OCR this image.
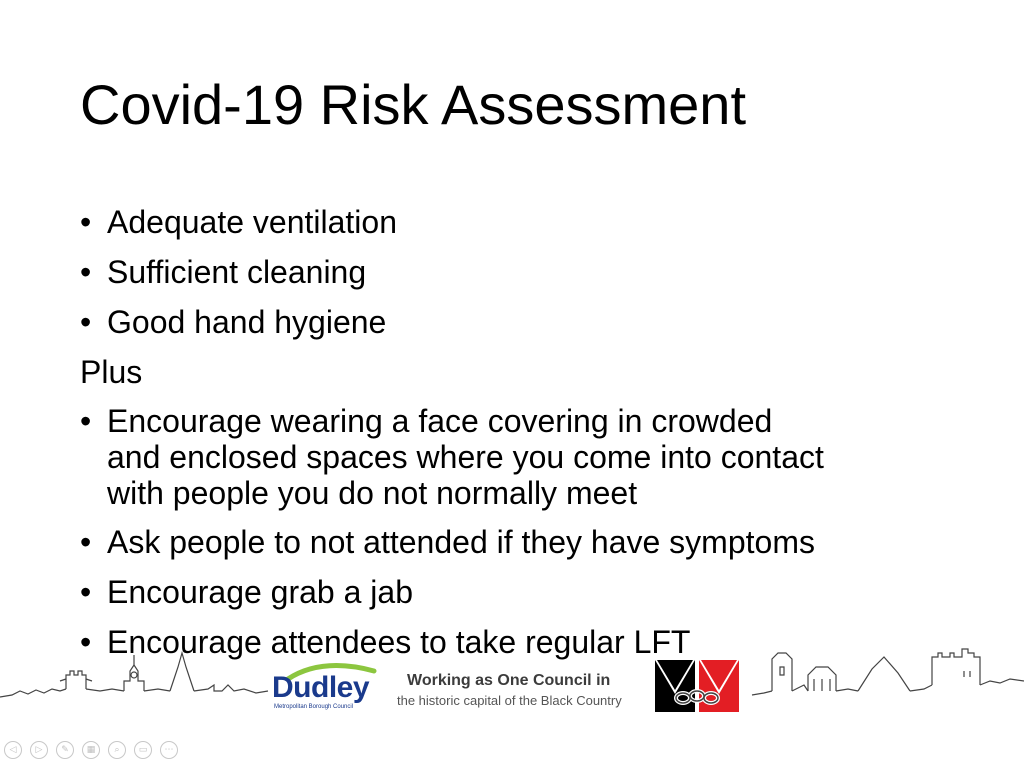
Covid-19 Risk Assessment
• Adequate ventilation
• Sufficient cleaning
• Good hand hygiene
Plus
• Encourage wearing a face covering in crowded
and enclosed spaces where you come into contact
with people you do not normally meet
• Ask people to not attended if they have symptoms
• Encourage grab a jab
• Encourage attendees to take regular LFT
Dudley
Metropolitan Borough Council
Working as One Council in
the historic capital of the Black Country
◁	▷	✎	▦	⌕	▭	⋯
